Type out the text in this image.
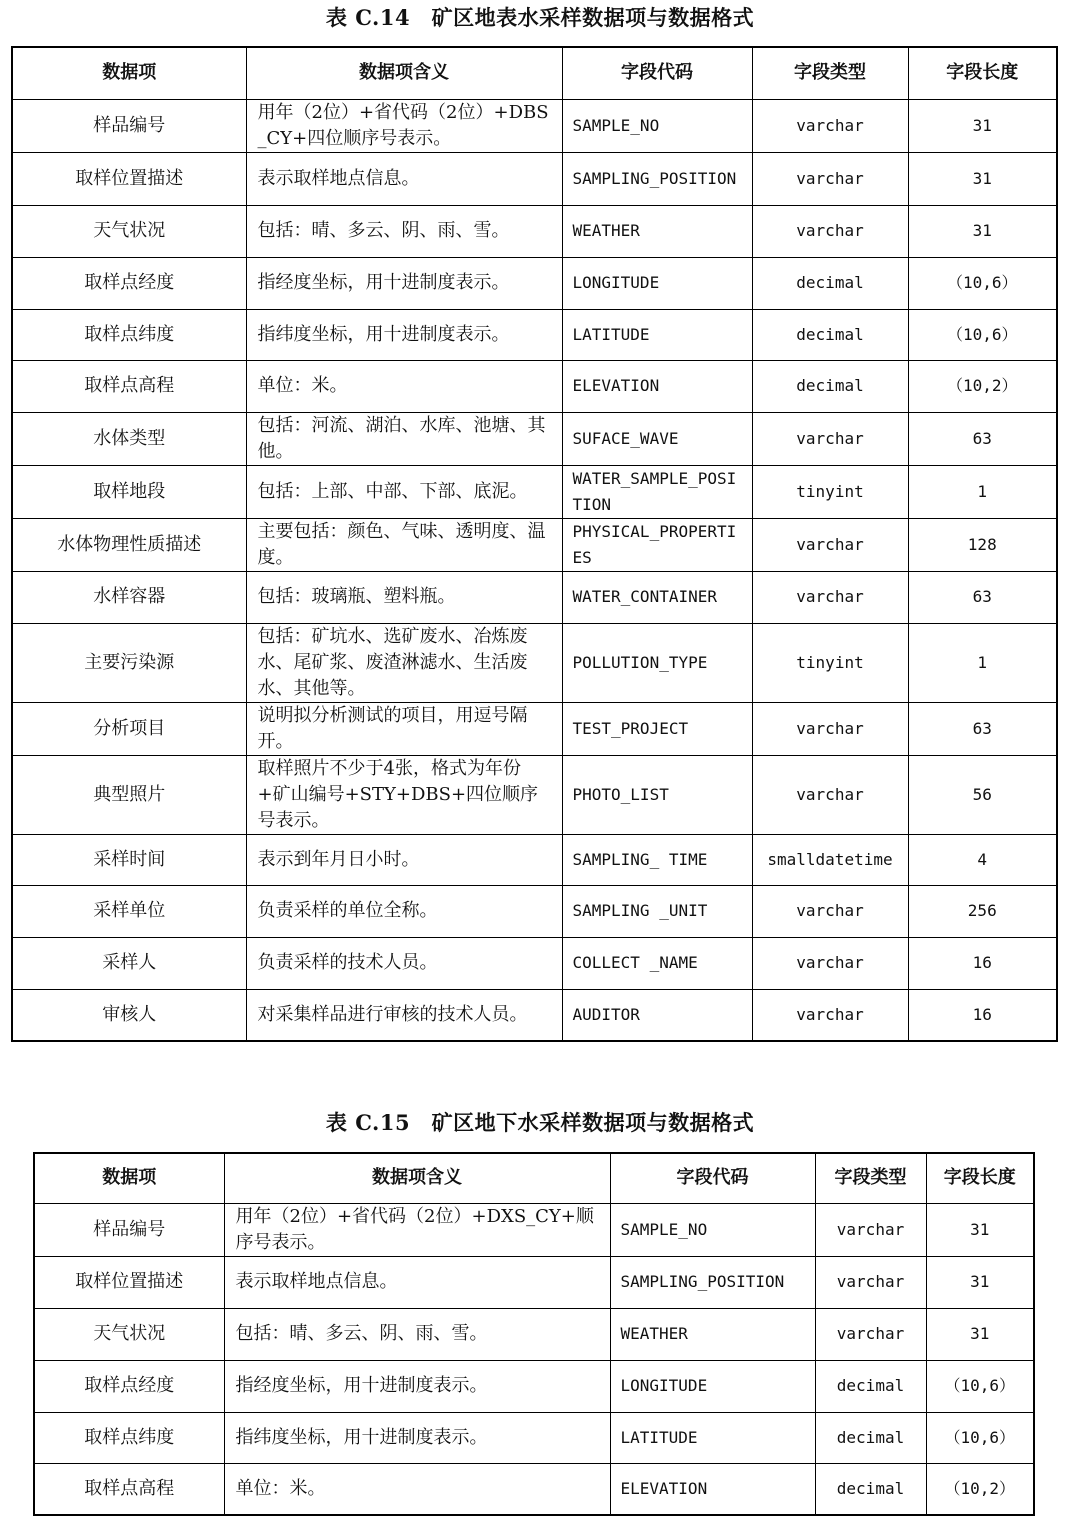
表 C.14　矿区地表水采样数据项与数据格式
数据项	数据项含义	字段代码	字段类型	字段长度
样品编号	用年（2位）+省代码（2位）+DBS_CY+四位顺序号表示。	SAMPLE_NO	varchar	31
取样位置描述	表示取样地点信息。	SAMPLING_POSITION	varchar	31
天气状况	包括：晴、多云、阴、雨、雪。	WEATHER	varchar	31
取样点经度	指经度坐标，用十进制度表示。	LONGITUDE	decimal	（10,6）
取样点纬度	指纬度坐标，用十进制度表示。	LATITUDE	decimal	（10,6）
取样点高程	单位：米。	ELEVATION	decimal	（10,2）
水体类型	包括：河流、湖泊、水库、池塘、其他。	SUFACE_WAVE	varchar	63
取样地段	包括：上部、中部、下部、底泥。	WATER_SAMPLE_POSITION	tinyint	1
水体物理性质描述	主要包括：颜色、气味、透明度、温度。	PHYSICAL_PROPERTIES	varchar	128
水样容器	包括：玻璃瓶、塑料瓶。	WATER_CONTAINER	varchar	63
主要污染源	包括：矿坑水、选矿废水、冶炼废水、尾矿浆、废渣淋滤水、生活废水、其他等。	POLLUTION_TYPE	tinyint	1
分析项目	说明拟分析测试的项目，用逗号隔开。	TEST_PROJECT	varchar	63
典型照片	取样照片不少于4张，格式为年份+矿山编号+STY+DBS+四位顺序号表示。	PHOTO_LIST	varchar	56
采样时间	表示到年月日小时。	SAMPLING_ TIME	smalldatetime	4
采样单位	负责采样的单位全称。	SAMPLING _UNIT	varchar	256
采样人	负责采样的技术人员。	COLLECT _NAME	varchar	16
审核人	对采集样品进行审核的技术人员。	AUDITOR	varchar	16
表 C.15　矿区地下水采样数据项与数据格式
数据项	数据项含义	字段代码	字段类型	字段长度
样品编号	用年（2位）+省代码（2位）+DXS_CY+顺序号表示。	SAMPLE_NO	varchar	31
取样位置描述	表示取样地点信息。	SAMPLING_POSITION	varchar	31
天气状况	包括：晴、多云、阴、雨、雪。	WEATHER	varchar	31
取样点经度	指经度坐标，用十进制度表示。	LONGITUDE	decimal	（10,6）
取样点纬度	指纬度坐标，用十进制度表示。	LATITUDE	decimal	（10,6）
取样点高程	单位：米。	ELEVATION	decimal	（10,2）
